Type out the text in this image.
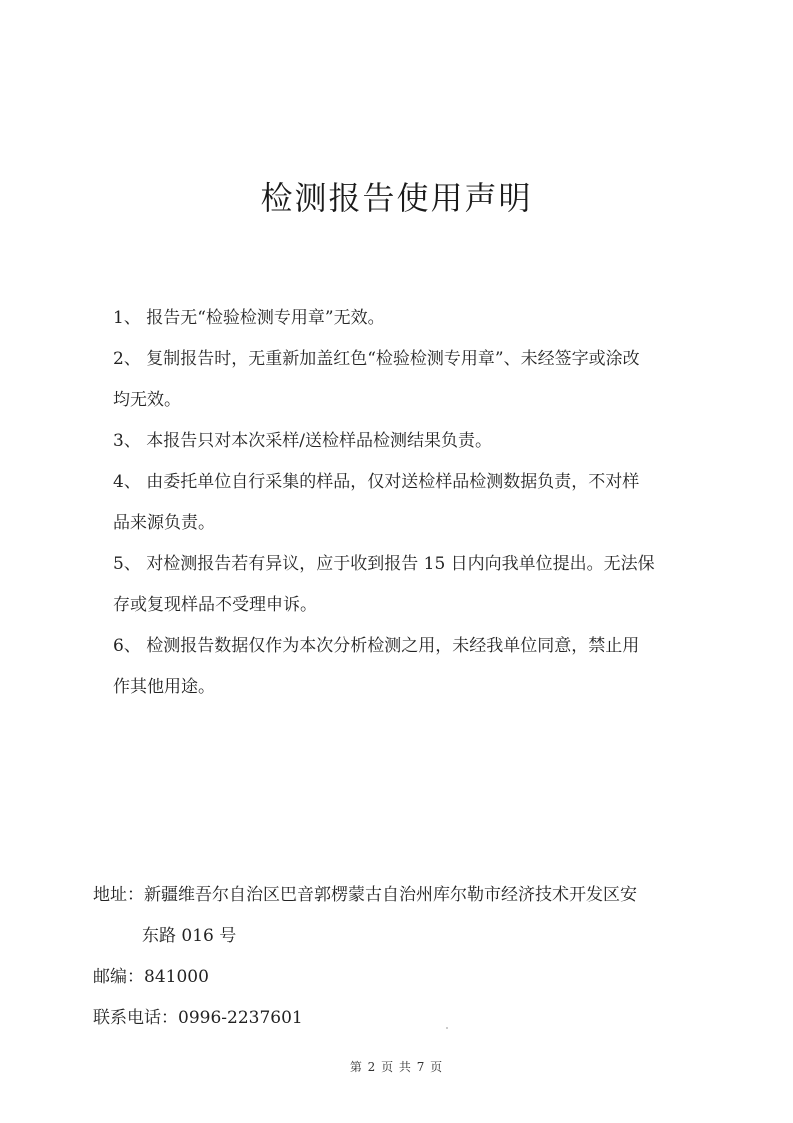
检测报告使用声明

1、 报告无“检验检测专用章”无效。

2、 复制报告时，无重新加盖红色“检验检测专用章”、未经签字或涂改

均无效。

3、 本报告只对本次采样/送检样品检测结果负责。

4、 由委托单位自行采集的样品，仅对送检样品检测数据负责，不对样

品来源负责。

5、 对检测报告若有异议，应于收到报告 15 日内向我单位提出。无法保

存或复现样品不受理申诉。

6、 检测报告数据仅作为本次分析检测之用，未经我单位同意，禁止用

作其他用途。

地址：新疆维吾尔自治区巴音郭楞蒙古自治州库尔勒市经济技术开发区安

东路 016 号

邮编：841000

联系电话：0996-2237601

第 2 页 共 7 页
